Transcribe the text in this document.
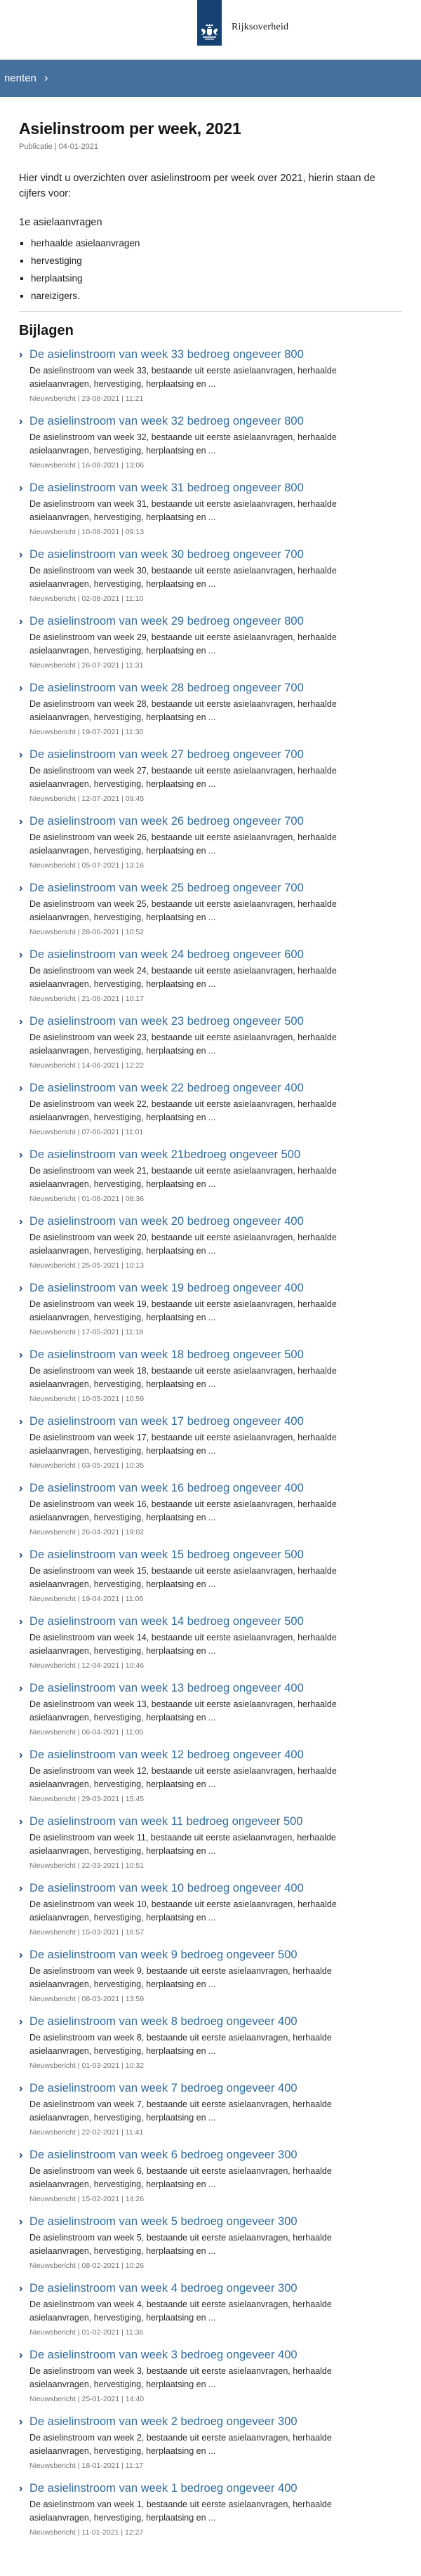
Rijksoverheid
nenten ›
Asielinstroom per week, 2021

Publicatie | 04-01-2021

Hier vindt u overzichten over asielinstroom per week over 2021, hierin staan de cijfers voor:

1e asielaanvragen

▪ herhaalde asielaanvragen
▪ hervestiging
▪ herplaatsing
▪ nareizigers.
Bijlagen
› De asielinstroom van week 33 bedroeg ongeveer 800

De asielinstroom van week 33, bestaande uit eerste asielaanvragen, herhaalde asielaanvragen, hervestiging, herplaatsing en ...

Nieuwsbericht | 23-08-2021 | 11:21

› De asielinstroom van week 32 bedroeg ongeveer 800

De asielinstroom van week 32, bestaande uit eerste asielaanvragen, herhaalde asielaanvragen, hervestiging, herplaatsing en ...

Nieuwsbericht | 16-08-2021 | 13:06

› De asielinstroom van week 31 bedroeg ongeveer 800

De asielinstroom van week 31, bestaande uit eerste asielaanvragen, herhaalde asielaanvragen, hervestiging, herplaatsing en ...

Nieuwsbericht | 10-08-2021 | 09:13

› De asielinstroom van week 30 bedroeg ongeveer 700

De asielinstroom van week 30, bestaande uit eerste asielaanvragen, herhaalde asielaanvragen, hervestiging, herplaatsing en ...

Nieuwsbericht | 02-08-2021 | 11:10

› De asielinstroom van week 29 bedroeg ongeveer 800

De asielinstroom van week 29, bestaande uit eerste asielaanvragen, herhaalde asielaanvragen, hervestiging, herplaatsing en ...

Nieuwsbericht | 26-07-2021 | 11:31

› De asielinstroom van week 28 bedroeg ongeveer 700

De asielinstroom van week 28, bestaande uit eerste asielaanvragen, herhaalde asielaanvragen, hervestiging, herplaatsing en ...

Nieuwsbericht | 19-07-2021 | 11:30

› De asielinstroom van week 27 bedroeg ongeveer 700

De asielinstroom van week 27, bestaande uit eerste asielaanvragen, herhaalde asielaanvragen, hervestiging, herplaatsing en ...

Nieuwsbericht | 12-07-2021 | 09:45

› De asielinstroom van week 26 bedroeg ongeveer 700

De asielinstroom van week 26, bestaande uit eerste asielaanvragen, herhaalde asielaanvragen, hervestiging, herplaatsing en ...

Nieuwsbericht | 05-07-2021 | 13:16

› De asielinstroom van week 25 bedroeg ongeveer 700

De asielinstroom van week 25, bestaande uit eerste asielaanvragen, herhaalde asielaanvragen, hervestiging, herplaatsing en ...

Nieuwsbericht | 28-06-2021 | 10:52

› De asielinstroom van week 24 bedroeg ongeveer 600

De asielinstroom van week 24, bestaande uit eerste asielaanvragen, herhaalde asielaanvragen, hervestiging, herplaatsing en ...

Nieuwsbericht | 21-06-2021 | 10:17

› De asielinstroom van week 23 bedroeg ongeveer 500

De asielinstroom van week 23, bestaande uit eerste asielaanvragen, herhaalde asielaanvragen, hervestiging, herplaatsing en ...

Nieuwsbericht | 14-06-2021 | 12:22

› De asielinstroom van week 22 bedroeg ongeveer 400

De asielinstroom van week 22, bestaande uit eerste asielaanvragen, herhaalde asielaanvragen, hervestiging, herplaatsing en ...

Nieuwsbericht | 07-06-2021 | 11:01

› De asielinstroom van week 21bedroeg ongeveer 500

De asielinstroom van week 21, bestaande uit eerste asielaanvragen, herhaalde asielaanvragen, hervestiging, herplaatsing en ...

Nieuwsbericht | 01-06-2021 | 08:36

› De asielinstroom van week 20 bedroeg ongeveer 400

De asielinstroom van week 20, bestaande uit eerste asielaanvragen, herhaalde asielaanvragen, hervestiging, herplaatsing en ...

Nieuwsbericht | 25-05-2021 | 10:13

› De asielinstroom van week 19 bedroeg ongeveer 400

De asielinstroom van week 19, bestaande uit eerste asielaanvragen, herhaalde asielaanvragen, hervestiging, herplaatsing en ...

Nieuwsbericht | 17-05-2021 | 11:18

› De asielinstroom van week 18 bedroeg ongeveer 500

De asielinstroom van week 18, bestaande uit eerste asielaanvragen, herhaalde asielaanvragen, hervestiging, herplaatsing en ...

Nieuwsbericht | 10-05-2021 | 10:59

› De asielinstroom van week 17 bedroeg ongeveer 400

De asielinstroom van week 17, bestaande uit eerste asielaanvragen, herhaalde asielaanvragen, hervestiging, herplaatsing en ...

Nieuwsbericht | 03-05-2021 | 10:35

› De asielinstroom van week 16 bedroeg ongeveer 400

De asielinstroom van week 16, bestaande uit eerste asielaanvragen, herhaalde asielaanvragen, hervestiging, herplaatsing en ...

Nieuwsbericht | 26-04-2021 | 19:02

› De asielinstroom van week 15 bedroeg ongeveer 500

De asielinstroom van week 15, bestaande uit eerste asielaanvragen, herhaalde asielaanvragen, hervestiging, herplaatsing en ...

Nieuwsbericht | 19-04-2021 | 11:06

› De asielinstroom van week 14 bedroeg ongeveer 500

De asielinstroom van week 14, bestaande uit eerste asielaanvragen, herhaalde asielaanvragen, hervestiging, herplaatsing en ...

Nieuwsbericht | 12-04-2021 | 10:46

› De asielinstroom van week 13 bedroeg ongeveer 400

De asielinstroom van week 13, bestaande uit eerste asielaanvragen, herhaalde asielaanvragen, hervestiging, herplaatsing en ...

Nieuwsbericht | 06-04-2021 | 11:05

› De asielinstroom van week 12 bedroeg ongeveer 400

De asielinstroom van week 12, bestaande uit eerste asielaanvragen, herhaalde asielaanvragen, hervestiging, herplaatsing en ...

Nieuwsbericht | 29-03-2021 | 15:45

› De asielinstroom van week 11 bedroeg ongeveer 500

De asielinstroom van week 11, bestaande uit eerste asielaanvragen, herhaalde asielaanvragen, hervestiging, herplaatsing en ...

Nieuwsbericht | 22-03-2021 | 10:51

› De asielinstroom van week 10 bedroeg ongeveer 400

De asielinstroom van week 10, bestaande uit eerste asielaanvragen, herhaalde asielaanvragen, hervestiging, herplaatsing en ...

Nieuwsbericht | 15-03-2021 | 16:57

› De asielinstroom van week 9 bedroeg ongeveer 500

De asielinstroom van week 9, bestaande uit eerste asielaanvragen, herhaalde asielaanvragen, hervestiging, herplaatsing en ...

Nieuwsbericht | 08-03-2021 | 13:59

› De asielinstroom van week 8 bedroeg ongeveer 400

De asielinstroom van week 8, bestaande uit eerste asielaanvragen, herhaalde asielaanvragen, hervestiging, herplaatsing en ...

Nieuwsbericht | 01-03-2021 | 10:32

› De asielinstroom van week 7 bedroeg ongeveer 400

De asielinstroom van week 7, bestaande uit eerste asielaanvragen, herhaalde asielaanvragen, hervestiging, herplaatsing en ...

Nieuwsbericht | 22-02-2021 | 11:41

› De asielinstroom van week 6 bedroeg ongeveer 300

De asielinstroom van week 6, bestaande uit eerste asielaanvragen, herhaalde asielaanvragen, hervestiging, herplaatsing en ...

Nieuwsbericht | 15-02-2021 | 14:26

› De asielinstroom van week 5 bedroeg ongeveer 300

De asielinstroom van week 5, bestaande uit eerste asielaanvragen, herhaalde asielaanvragen, hervestiging, herplaatsing en ...

Nieuwsbericht | 08-02-2021 | 10:26

› De asielinstroom van week 4 bedroeg ongeveer 300

De asielinstroom van week 4, bestaande uit eerste asielaanvragen, herhaalde asielaanvragen, hervestiging, herplaatsing en ...

Nieuwsbericht | 01-02-2021 | 11:36

› De asielinstroom van week 3 bedroeg ongeveer 400

De asielinstroom van week 3, bestaande uit eerste asielaanvragen, herhaalde asielaanvragen, hervestiging, herplaatsing en ...

Nieuwsbericht | 25-01-2021 | 14:40

› De asielinstroom van week 2 bedroeg ongeveer 300

De asielinstroom van week 2, bestaande uit eerste asielaanvragen, herhaalde asielaanvragen, hervestiging, herplaatsing en ...

Nieuwsbericht | 18-01-2021 | 11:17

› De asielinstroom van week 1 bedroeg ongeveer 400

De asielinstroom van week 1, bestaande uit eerste asielaanvragen, herhaalde asielaanvragen, hervestiging, herplaatsing en ...

Nieuwsbericht | 11-01-2021 | 12:27
